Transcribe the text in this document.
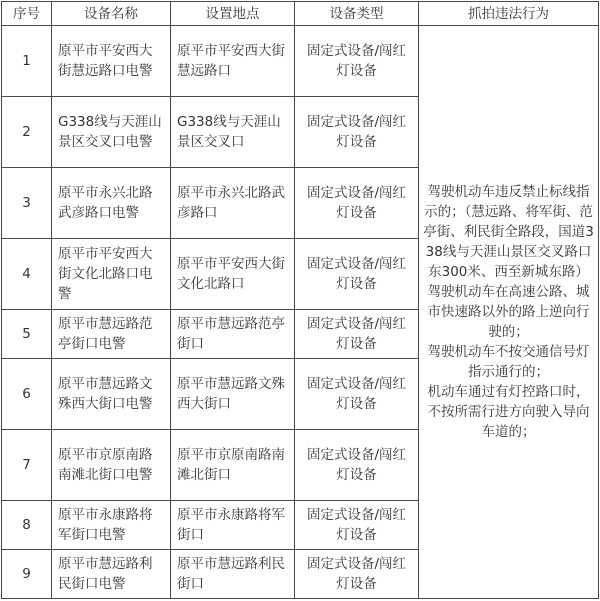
序号	设备名称	设置地点	设备类型	抓拍违法行为
1	原平市平安西大街慧远路口电警	原平市平安西大街慧远路口	固定式设备/闯红灯设备	驾驶机动车违反禁止标线指示的；（慧远路、将军街、范亭街、利民街全路段，国道338线与天涯山景区交叉路口东300米、西至新城东路）
驾驶机动车在高速公路、城市快速路以外的路上逆向行驶的；
驾驶机动车不按交通信号灯指示通行的；
机动车通过有灯控路口时，不按所需行进方向驶入导向车道的；

2	G338线与天涯山景区交叉口电警	G338线与天涯山景区交叉口	固定式设备/闯红灯设备	
3	原平市永兴北路武彦路口电警	原平市永兴北路武彦路口	固定式设备/闯红灯设备	
4	原平市平安西大街文化北路口电警	原平市平安西大街文化北路口	固定式设备/闯红灯设备	
5	原平市慧远路范亭街口电警	原平市慧远路范亭街口	固定式设备/闯红灯设备	
6	原平市慧远路文殊西大街口电警	原平市慧远路文殊西大街口	固定式设备/闯红灯设备	
7	原平市京原南路南滩北街口电警	原平市京原南路南滩北街口	固定式设备/闯红灯设备	
8	原平市永康路将军街口电警	原平市永康路将军街口	固定式设备/闯红灯设备	
9	原平市慧远路利民街口电警	原平市慧远路利民街口	固定式设备/闯红灯设备	
